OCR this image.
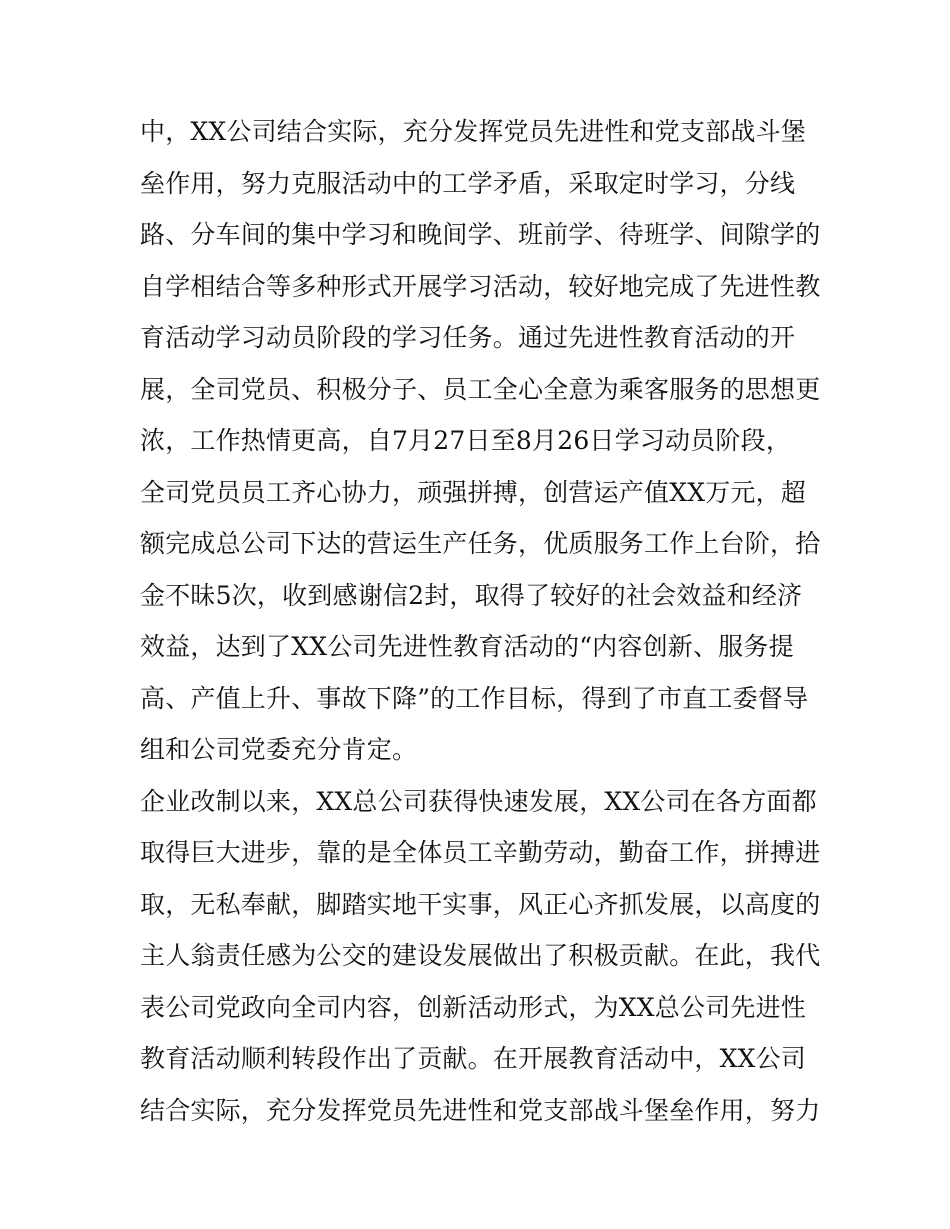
中，XX公司结合实际，充分发挥党员先进性和党支部战斗堡
垒作用，努力克服活动中的工学矛盾，采取定时学习，分线
路、分车间的集中学习和晚间学、班前学、待班学、间隙学的
自学相结合等多种形式开展学习活动，较好地完成了先进性教
育活动学习动员阶段的学习任务。通过先进性教育活动的开
展，全司党员、积极分子、员工全心全意为乘客服务的思想更
浓，工作热情更高，自7月27日至8月26日学习动员阶段，
全司党员员工齐心协力，顽强拼搏，创营运产值XX万元，超
额完成总公司下达的营运生产任务，优质服务工作上台阶，拾
金不昧5次，收到感谢信2封，取得了较好的社会效益和经济
效益，达到了XX公司先进性教育活动的“内容创新、服务提
高、产值上升、事故下降”的工作目标，得到了市直工委督导
组和公司党委充分肯定。
企业改制以来，XX总公司获得快速发展，XX公司在各方面都
取得巨大进步，靠的是全体员工辛勤劳动，勤奋工作，拼搏进
取，无私奉献，脚踏实地干实事，风正心齐抓发展，以高度的
主人翁责任感为公交的建设发展做出了积极贡献。在此，我代
表公司党政向全司内容，创新活动形式，为XX总公司先进性
教育活动顺利转段作出了贡献。在开展教育活动中，XX公司
结合实际，充分发挥党员先进性和党支部战斗堡垒作用，努力
